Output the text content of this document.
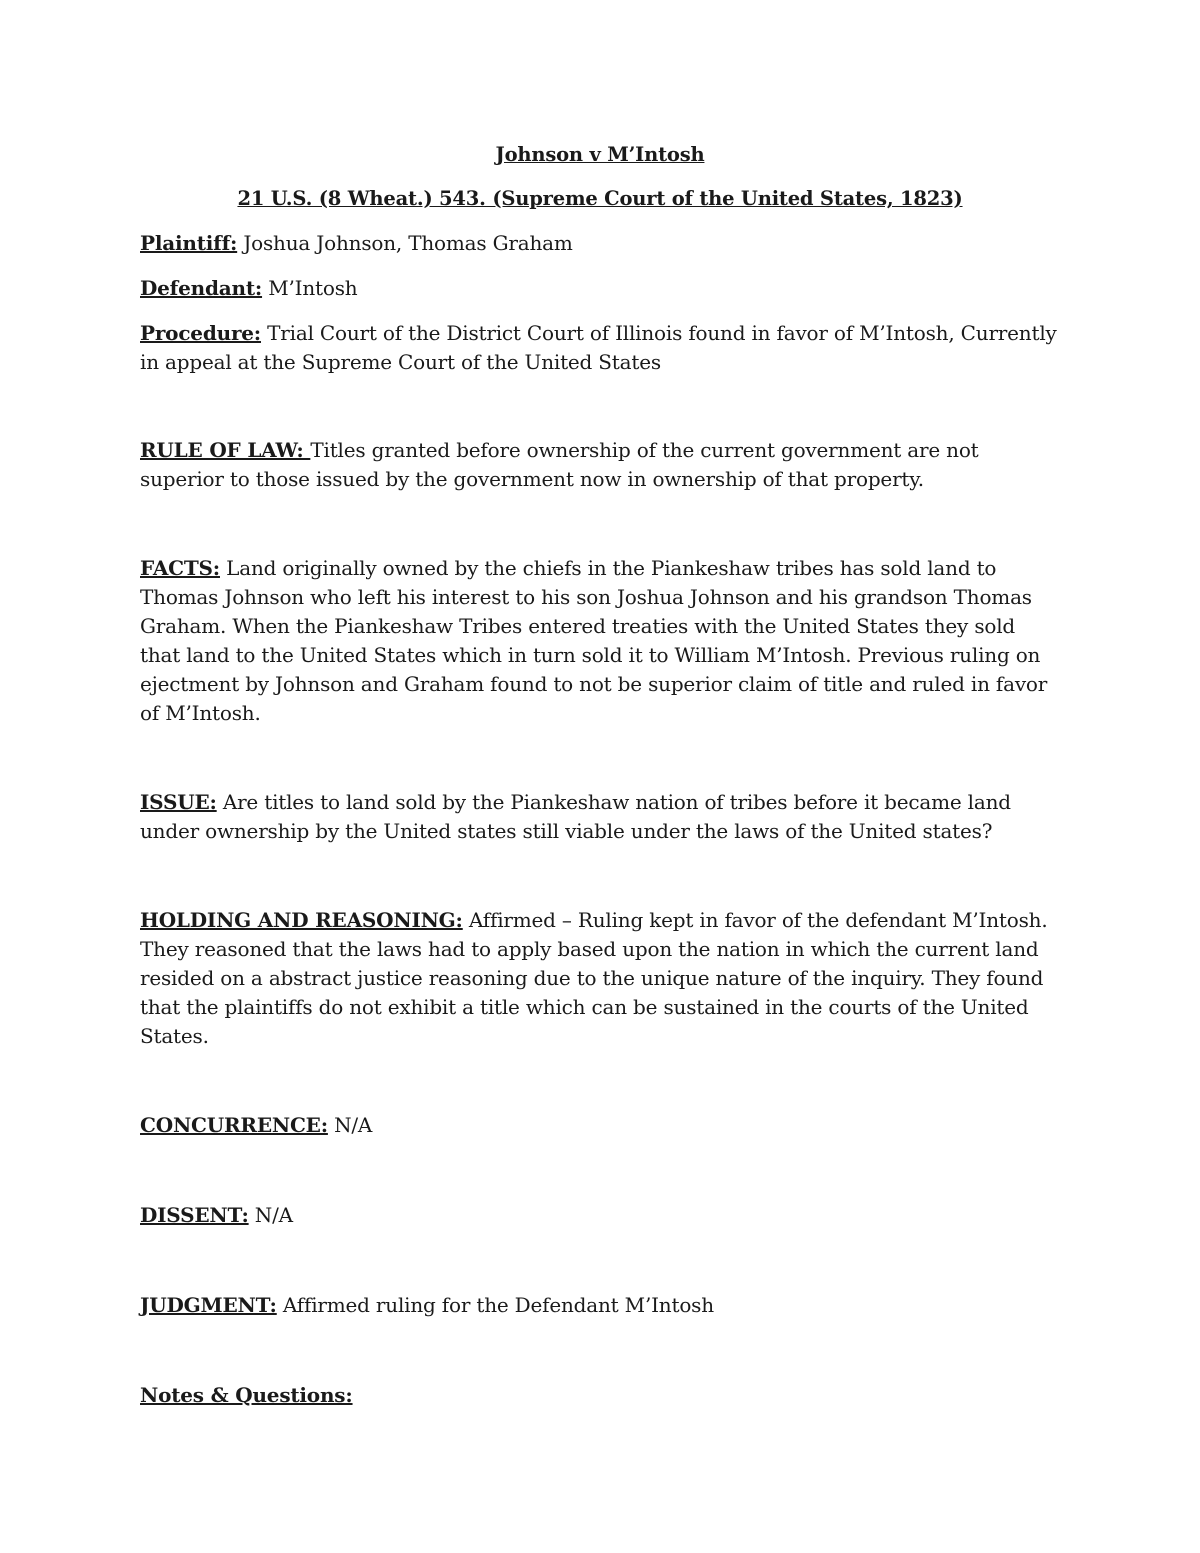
Johnson v M’Intosh
21 U.S. (8 Wheat.) 543. (Supreme Court of the United States, 1823)
Plaintiff: Joshua Johnson, Thomas Graham
Defendant: M’Intosh
Procedure: Trial Court of the District Court of Illinois found in favor of M’Intosh, Currently in appeal at the Supreme Court of the United States
RULE OF LAW: Titles granted before ownership of the current government are not superior to those issued by the government now in ownership of that property.
FACTS: Land originally owned by the chiefs in the Piankeshaw tribes has sold land to Thomas Johnson who left his interest to his son Joshua Johnson and his grandson Thomas Graham. When the Piankeshaw Tribes entered treaties with the United States they sold that land to the United States which in turn sold it to William M’Intosh. Previous ruling on ejectment by Johnson and Graham found to not be superior claim of title and ruled in favor of M’Intosh.
ISSUE: Are titles to land sold by the Piankeshaw nation of tribes before it became land under ownership by the United states still viable under the laws of the United states?
HOLDING AND REASONING: Affirmed – Ruling kept in favor of the defendant M’Intosh. They reasoned that the laws had to apply based upon the nation in which the current land resided on a abstract justice reasoning due to the unique nature of the inquiry. They found that the plaintiffs do not exhibit a title which can be sustained in the courts of the United States.
CONCURRENCE: N/A
DISSENT: N/A
JUDGMENT: Affirmed ruling for the Defendant M’Intosh
Notes & Questions:
